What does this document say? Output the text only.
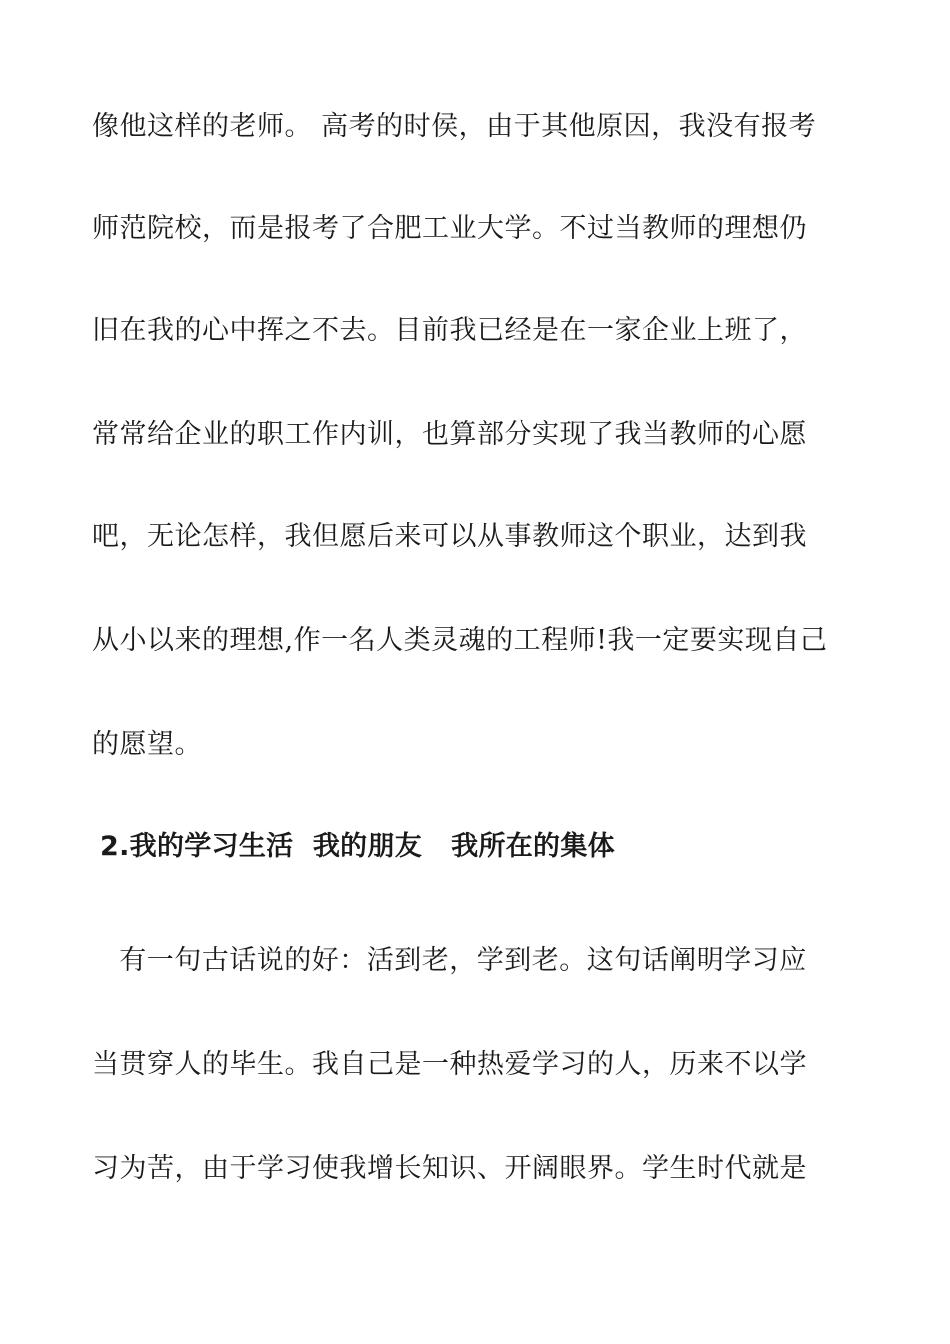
像他这样的老师。 高考的时侯，由于其他原因，我没有报考
师范院校，而是报考了合肥工业大学。不过当教师的理想仍
旧在我的心中挥之不去。目前我已经是在一家企业上班了，
常常给企业的职工作内训，也算部分实现了我当教师的心愿
吧，无论怎样，我但愿后来可以从事教师这个职业，达到我
从小以来的理想,作一名人类灵魂的工程师!我一定要实现自己
的愿望。
2.我的学习生活  我的朋友   我所在的集体
有一句古话说的好：活到老，学到老。这句话阐明学习应
当贯穿人的毕生。我自己是一种热爱学习的人，历来不以学
习为苦，由于学习使我增长知识、开阔眼界。学生时代就是
